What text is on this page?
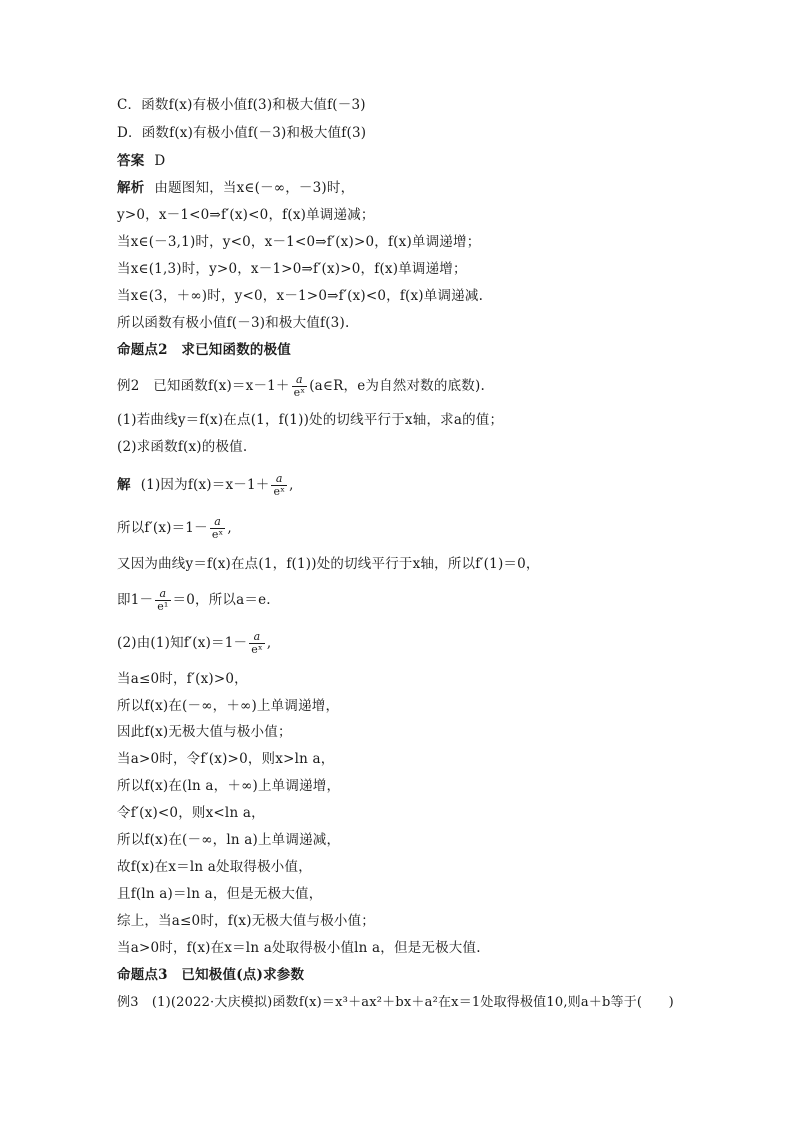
C．函数f(x)有极小值f(3)和极大值f(－3)
D．函数f(x)有极小值f(－3)和极大值f(3)
答案 D
解析 由题图知，当x∈(－∞，－3)时，
y>0，x－1<0⇒f′(x)<0，f(x)单调递减；
当x∈(－3,1)时，y<0，x－1<0⇒f′(x)>0，f(x)单调递增；
当x∈(1,3)时，y>0，x－1>0⇒f′(x)>0，f(x)单调递增；
当x∈(3，＋∞)时，y<0，x－1>0⇒f′(x)<0，f(x)单调递减.
所以函数有极小值f(－3)和极大值f(3).
命题点2　求已知函数的极值
例2　已知函数$f(x)=x-1+ \frac{a}{\text{eˣ}}$ (a∈R，e为自然对数的底数).
(1)若曲线y＝f(x)在点(1，f(1))处的切线平行于x轴，求a的值；
(2)求函数f(x)的极值.
解 (1)因为$f(x)=x-1+ \frac{a}{\text{eˣ}}$ ,
所以$f'(x)=1- \frac{a}{\text{eˣ}}$ ,
又因为曲线y＝f(x)在点(1，f(1))处的切线平行于x轴，所以f′(1)＝0，
即$1- \frac{a}{\text{e¹}} =0$，所以a＝e.
(2)由(1)知$f'(x)=1- \frac{a}{\text{eˣ}}$ ,
当a≤0时，f′(x)>0，
所以f(x)在(－∞，＋∞)上单调递增，
因此f(x)无极大值与极小值；
当a>0时，令f′(x)>0，则x>ln a，
所以f(x)在(ln a，＋∞)上单调递增，
令f′(x)<0，则x<ln a，
所以f(x)在(－∞，ln a)上单调递减，
故f(x)在x＝ln a处取得极小值，
且f(ln a)＝ln a，但是无极大值，
综上，当a≤0时，f(x)无极大值与极小值；
当a>0时，f(x)在x＝ln a处取得极小值ln a，但是无极大值.
命题点3　已知极值(点)求参数
例3　(1)(2022·大庆模拟)函数f(x)＝x³＋ax²＋bx＋a²在x＝1处取得极值10,则a＋b等于(　　)
